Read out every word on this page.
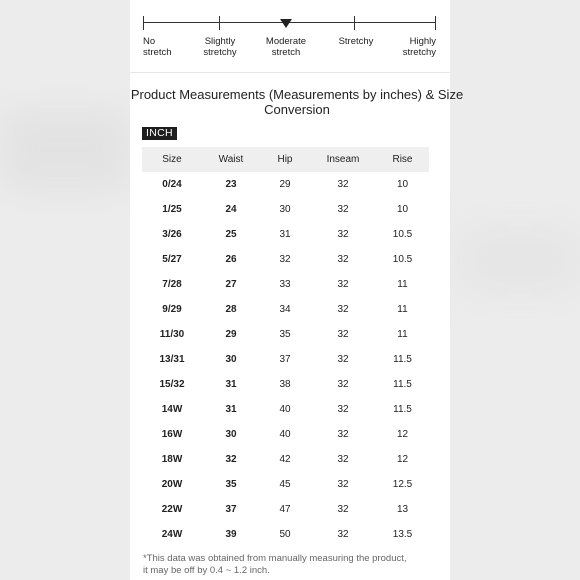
No
stretch
Slightly
stretchy
Moderate
stretch
Stretchy	Highly
stretchy
Product Measurements (Measurements by inches) & Size Conversion
INCH
Size	Waist	Hip	Inseam	Rise
0/24	23	29	32	10
1/25	24	30	32	10
3/26	25	31	32	10.5
5/27	26	32	32	10.5
7/28	27	33	32	11
9/29	28	34	32	11
11/30	29	35	32	11
13/31	30	37	32	11.5
15/32	31	38	32	11.5
14W	31	40	32	11.5
16W	30	40	32	12
18W	32	42	32	12
20W	35	45	32	12.5
22W	37	47	32	13
24W	39	50	32	13.5
*This data was obtained from manually measuring the product,
it may be off by 0.4 ~ 1.2 inch.
